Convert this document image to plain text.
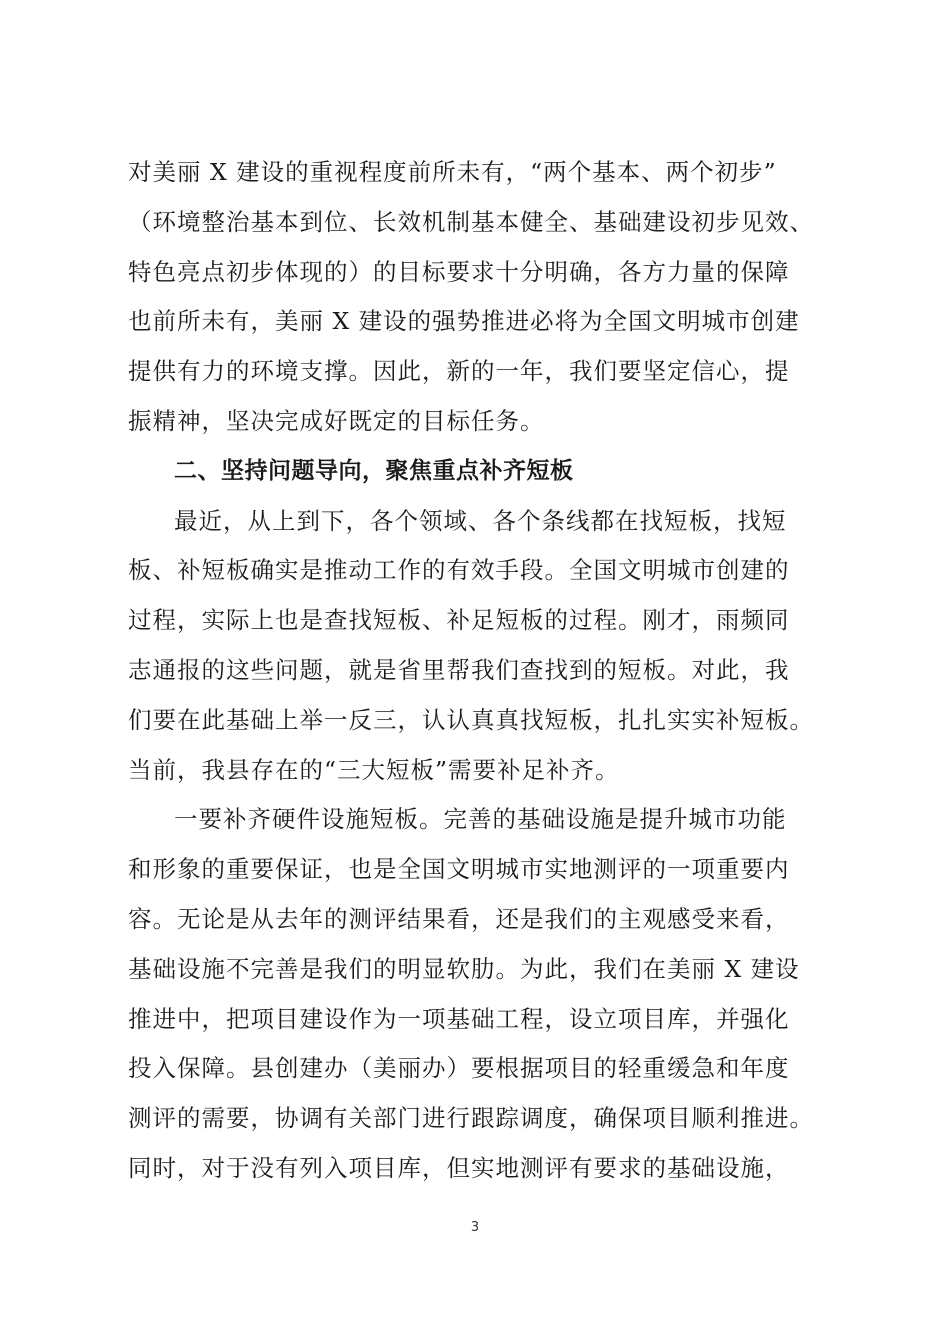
对美丽 X 建设的重视程度前所未有，“两个基本、两个初步”
（环境整治基本到位、长效机制基本健全、基础建设初步见效、
特色亮点初步体现的）的目标要求十分明确，各方力量的保障
也前所未有，美丽 X 建设的强势推进必将为全国文明城市创建
提供有力的环境支撑。因此，新的一年，我们要坚定信心，提
振精神，坚决完成好既定的目标任务。
二、坚持问题导向，聚焦重点补齐短板
最近，从上到下，各个领域、各个条线都在找短板，找短
板、补短板确实是推动工作的有效手段。全国文明城市创建的
过程，实际上也是查找短板、补足短板的过程。刚才，雨频同
志通报的这些问题，就是省里帮我们查找到的短板。对此，我
们要在此基础上举一反三，认认真真找短板，扎扎实实补短板。
当前，我县存在的“三大短板”需要补足补齐。
一要补齐硬件设施短板。完善的基础设施是提升城市功能
和形象的重要保证，也是全国文明城市实地测评的一项重要内
容。无论是从去年的测评结果看，还是我们的主观感受来看，
基础设施不完善是我们的明显软肋。为此，我们在美丽 X 建设
推进中，把项目建设作为一项基础工程，设立项目库，并强化
投入保障。县创建办（美丽办）要根据项目的轻重缓急和年度
测评的需要，协调有关部门进行跟踪调度，确保项目顺利推进。
同时，对于没有列入项目库，但实地测评有要求的基础设施，
3
